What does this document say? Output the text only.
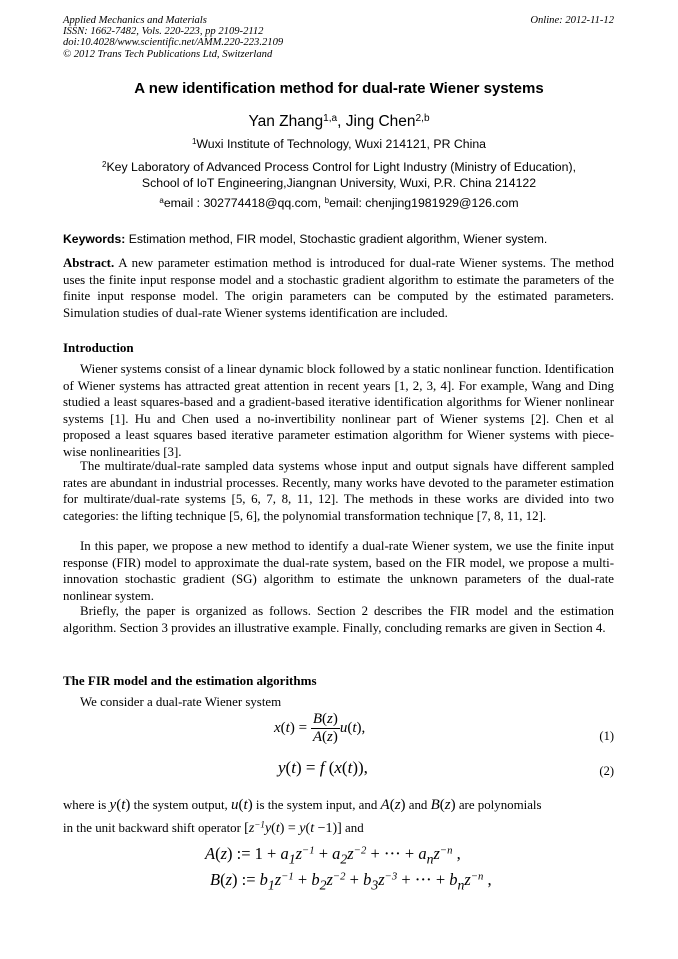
Applied Mechanics and Materials
ISSN: 1662-7482, Vols. 220-223, pp 2109-2112
doi:10.4028/www.scientific.net/AMM.220-223.2109
© 2012 Trans Tech Publications Ltd, Switzerland
Online: 2012-11-12
A new identification method for dual-rate Wiener systems
Yan Zhang$^{1,a}$, Jing Chen$^{2,b}$
$^1$Wuxi Institute of Technology, Wuxi 214121, PR China
$^2$Key Laboratory of Advanced Process Control for Light Industry (Ministry of Education),
School of IoT Engineering,Jiangnan University, Wuxi, P.R. China 214122
$^a$email : 302774418@qq.com, $^b$email: chenjing1981929@126.com
Keywords: Estimation method, FIR model, Stochastic gradient algorithm, Wiener system.
Abstract. A new parameter estimation method is introduced for dual-rate Wiener systems. The method uses the finite input response model and a stochastic gradient algorithm to estimate the parameters of the finite input response model. The origin parameters can be computed by the estimated parameters. Simulation studies of dual-rate Wiener systems identification are included.
Introduction
Wiener systems consist of a linear dynamic block followed by a static nonlinear function. Identification of Wiener systems has attracted great attention in recent years [1, 2, 3, 4]. For example, Wang and Ding studied a least squares-based and a gradient-based iterative identification algorithms for Wiener nonlinear systems [1]. Hu and Chen used a no-invertibility nonlinear part of Wiener systems [2]. Chen et al proposed a least squares based iterative parameter estimation algorithm for Wiener systems with piece-wise nonlinearities [3].
The multirate/dual-rate sampled data systems whose input and output signals have different sampled rates are abundant in industrial processes. Recently, many works have devoted to the parameter estimation for multirate/dual-rate systems [5, 6, 7, 8, 11, 12]. The methods in these works are divided into two categories: the lifting technique [5, 6], the polynomial transformation technique [7, 8, 11, 12].
In this paper, we propose a new method to identify a dual-rate Wiener system, we use the finite input response (FIR) model to approximate the dual-rate system, based on the FIR model, we propose a multi-innovation stochastic gradient (SG) algorithm to estimate the unknown parameters of the dual-rate nonlinear system.
Briefly, the paper is organized as follows. Section 2 describes the FIR model and the estimation algorithm. Section 3 provides an illustrative example. Finally, concluding remarks are given in Section 4.
The FIR model and the estimation algorithms
We consider a dual-rate Wiener system
$x(t) = \frac{B(z)}{A(z)} u(t)$,
(1)
y(t) = f (x(t)),	(2)
where is y(t) the system output, u(t) is the system input, and A(z) and B(z) are polynomials
in the unit backward shift operator $[z^{-1}y(t) = y(t -1)]$ and
A(z) := $1 + a_1z^{-1} + a_2z^{-2}$ + ⋅⋅⋅ + $a_nz^{-n}$ ,
B(z) := $b_1z^{-1} + b_2z^{-2} + b_3z^{-3}$ + ⋅⋅⋅ + $b_nz^{-n}$ ,
